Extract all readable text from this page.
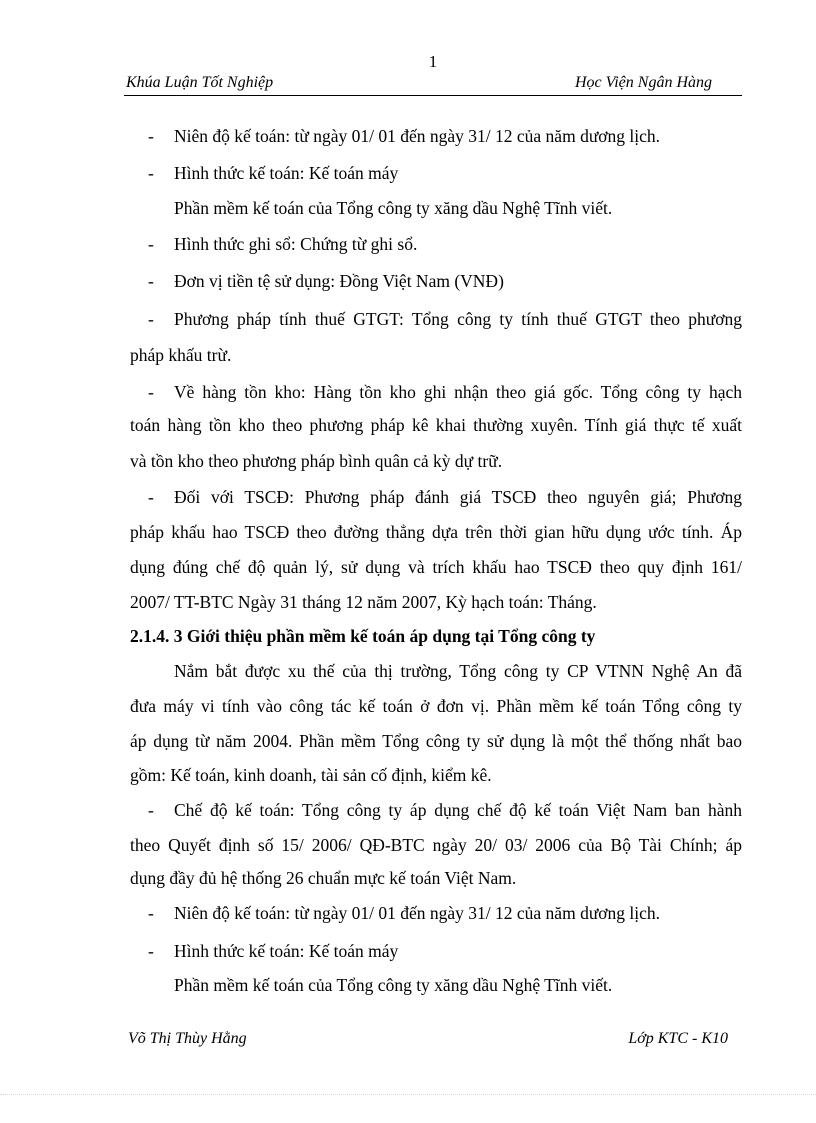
1
Khúa Luận Tốt Nghiệp	Học Viện Ngân Hàng
- Niên độ kế toán: từ ngày 01/ 01 đến ngày 31/ 12 của năm dương lịch.
- Hình thức kế toán: Kế toán máy
Phần mềm kế toán của Tổng công ty xăng dầu Nghệ Tĩnh viết.
- Hình thức ghi sổ: Chứng từ ghi sổ.
- Đơn vị tiền tệ sử dụng: Đồng Việt Nam (VNĐ)
- Phương pháp tính thuế GTGT: Tổng công ty tính thuế GTGT theo phương
pháp khấu trừ.
- Về hàng tồn kho: Hàng tồn kho ghi nhận theo giá gốc. Tổng công ty hạch
toán hàng tồn kho theo phương pháp kê khai thường xuyên. Tính giá thực tế xuất
và tồn kho theo phương pháp bình quân cả kỳ dự trữ.
- Đối với TSCĐ: Phương pháp đánh giá TSCĐ theo nguyên giá; Phương
pháp khấu hao TSCĐ theo đường thẳng dựa trên thời gian hữu dụng ước tính. Áp
dụng đúng chế độ quản lý, sử dụng và trích khấu hao TSCĐ theo quy định 161/
2007/ TT-BTC Ngày 31 tháng 12 năm 2007, Kỳ hạch toán: Tháng.
2.1.4. 3 Giới thiệu phần mềm kế toán áp dụng tại Tổng công ty
Nắm bắt được xu thế của thị trường, Tổng công ty CP VTNN Nghệ An đã
đưa máy vi tính vào công tác kế toán ở đơn vị. Phần mềm kế toán Tổng công ty
áp dụng từ năm 2004. Phần mềm Tổng công ty sử dụng là một thể thống nhất bao
gồm: Kế toán, kinh doanh, tài sản cố định, kiểm kê.
- Chế độ kế toán: Tổng công ty áp dụng chế độ kế toán Việt Nam ban hành
theo Quyết định số 15/ 2006/ QĐ-BTC ngày 20/ 03/ 2006 của Bộ Tài Chính; áp
dụng đầy đủ hệ thống 26 chuẩn mực kế toán Việt Nam.
- Niên độ kế toán: từ ngày 01/ 01 đến ngày 31/ 12 của năm dương lịch.
- Hình thức kế toán: Kế toán máy
Phần mềm kế toán của Tổng công ty xăng dầu Nghệ Tĩnh viết.
Võ Thị Thùy Hằng	Lớp KTC - K10
